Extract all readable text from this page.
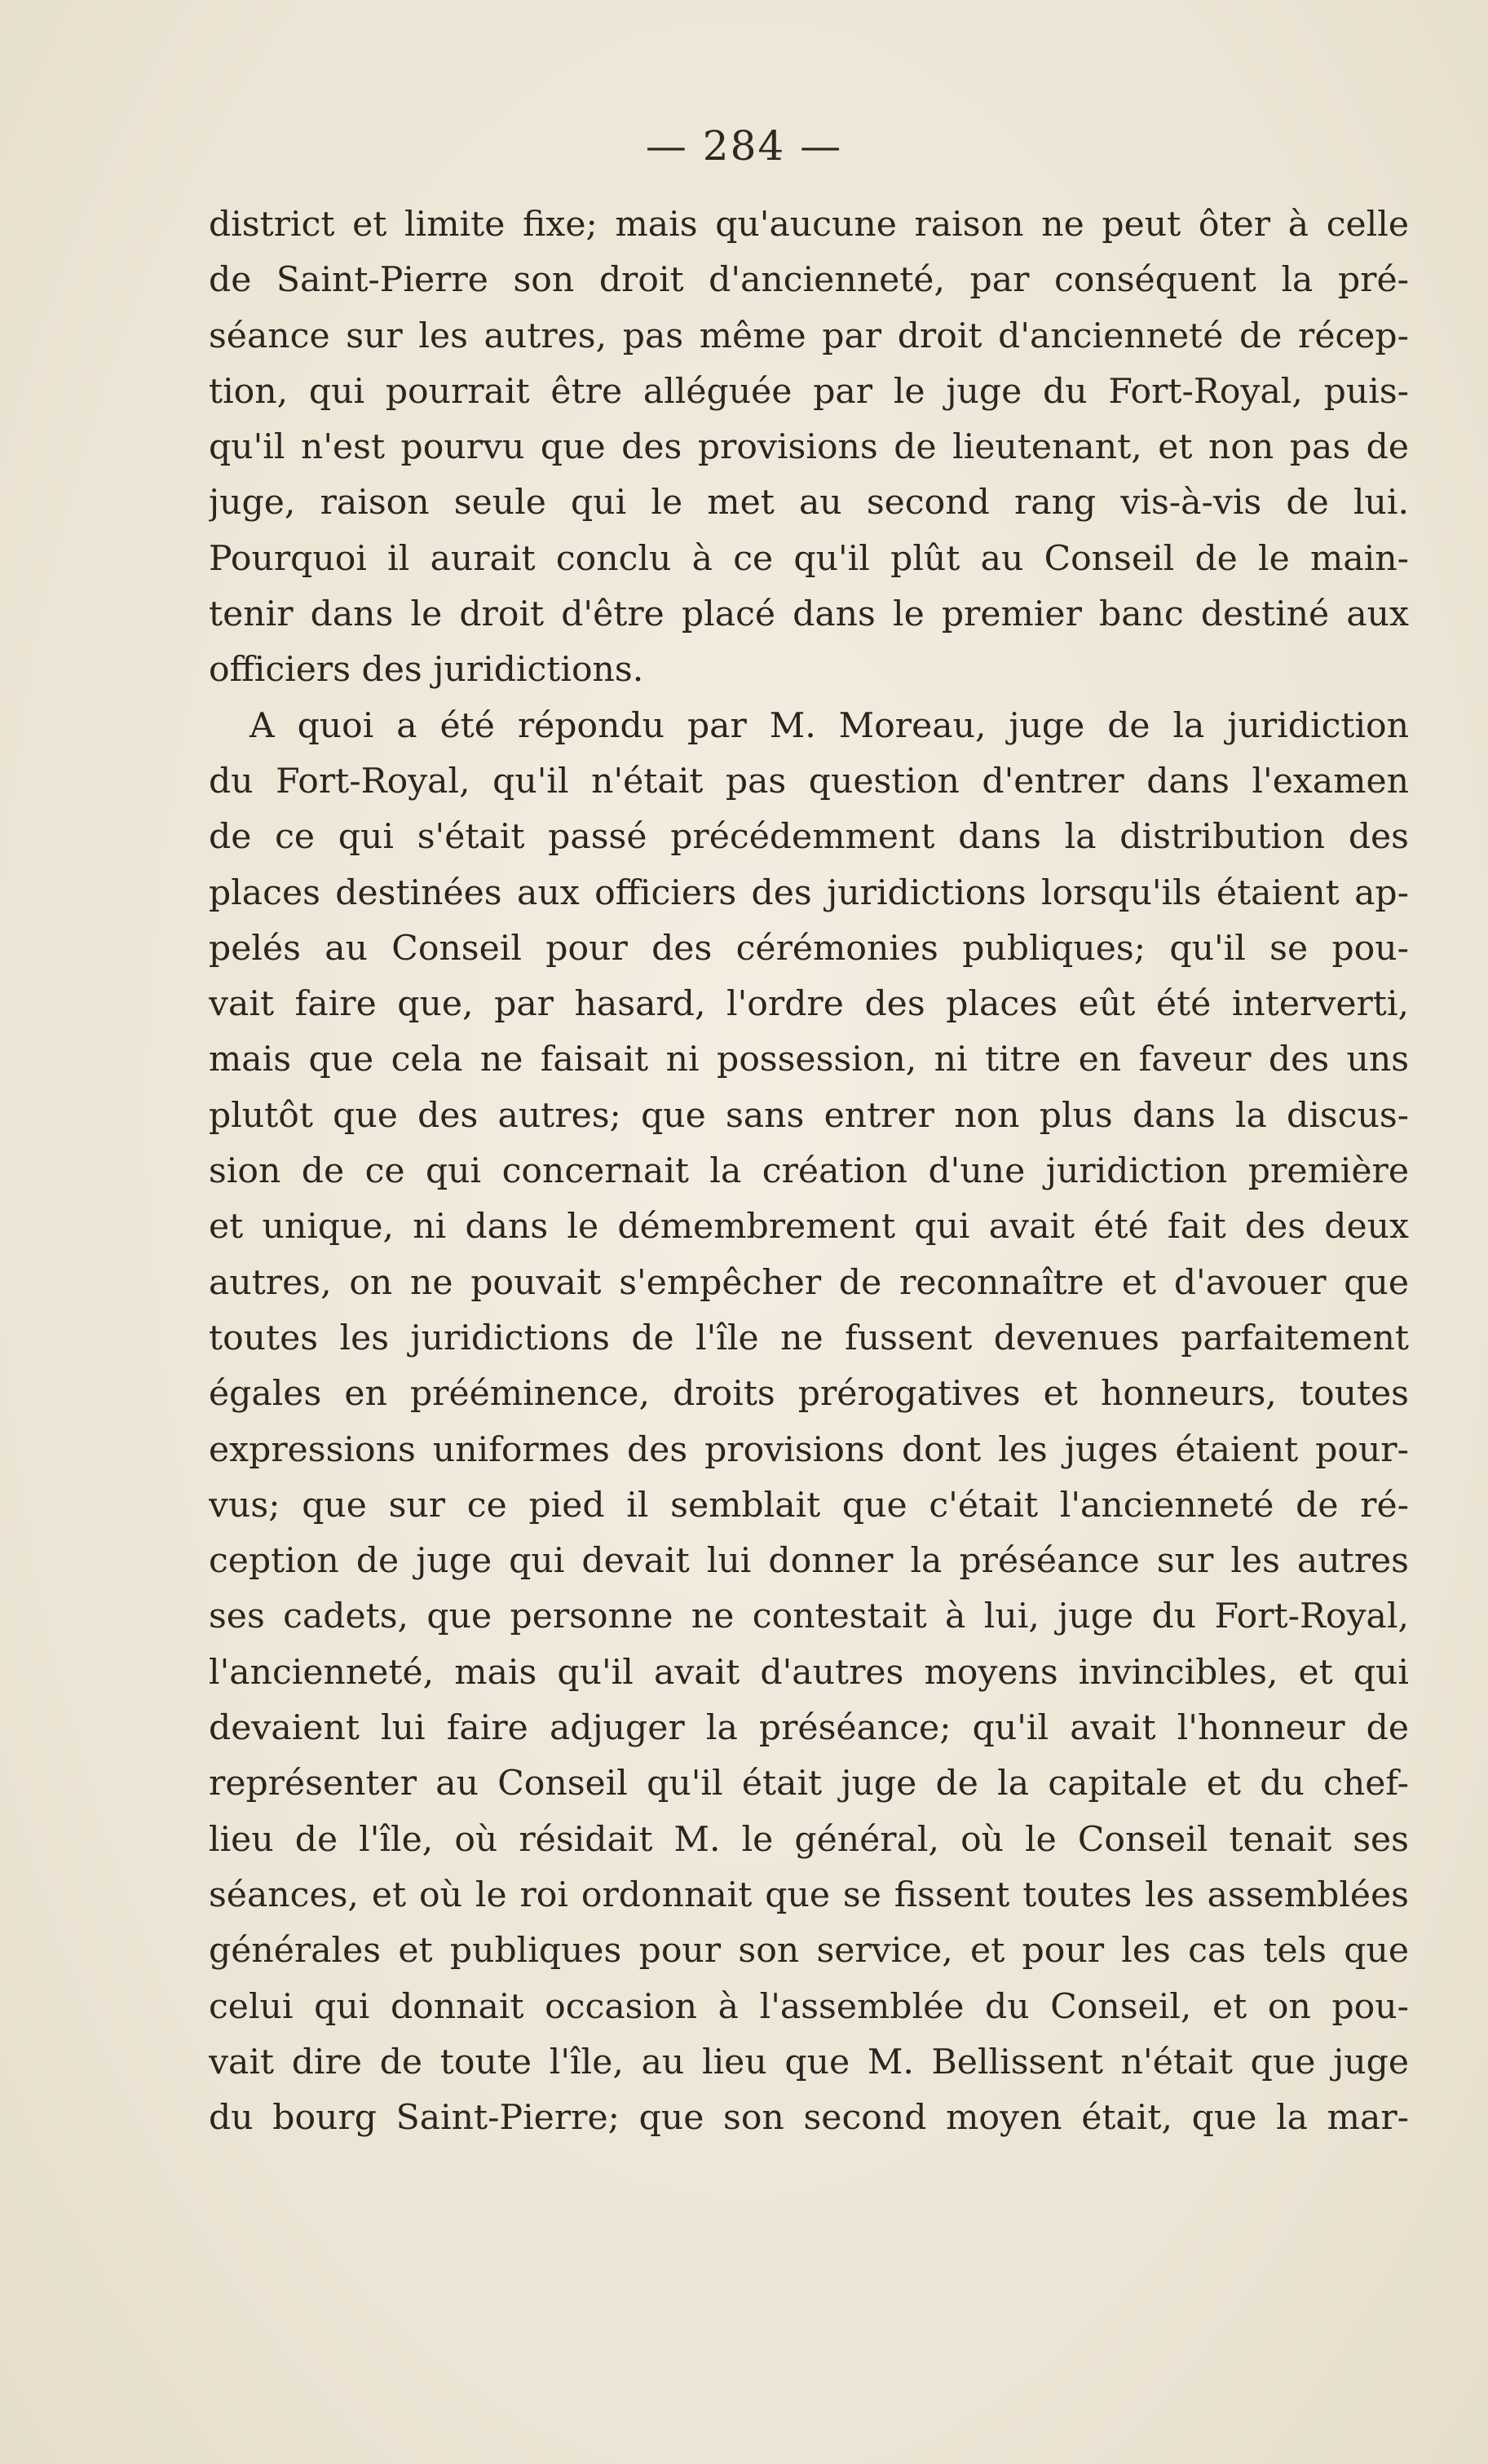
— 284 —
district et limite fixe; mais qu'aucune raison ne peut ôter à celle
de Saint-Pierre son droit d'ancienneté, par conséquent la pré-
séance sur les autres, pas même par droit d'ancienneté de récep-
tion, qui pourrait être alléguée par le juge du Fort-Royal, puis-
qu'il n'est pourvu que des provisions de lieutenant, et non pas de
juge, raison seule qui le met au second rang vis-à-vis de lui.
Pourquoi il aurait conclu à ce qu'il plût au Conseil de le main-
tenir dans le droit d'être placé dans le premier banc destiné aux
officiers des juridictions.
A quoi a été répondu par M. Moreau, juge de la juridiction
du Fort-Royal, qu'il n'était pas question d'entrer dans l'examen
de ce qui s'était passé précédemment dans la distribution des
places destinées aux officiers des juridictions lorsqu'ils étaient ap-
pelés au Conseil pour des cérémonies publiques; qu'il se pou-
vait faire que, par hasard, l'ordre des places eût été interverti,
mais que cela ne faisait ni possession, ni titre en faveur des uns
plutôt que des autres; que sans entrer non plus dans la discus-
sion de ce qui concernait la création d'une juridiction première
et unique, ni dans le démembrement qui avait été fait des deux
autres, on ne pouvait s'empêcher de reconnaître et d'avouer que
toutes les juridictions de l'île ne fussent devenues parfaitement
égales en prééminence, droits prérogatives et honneurs, toutes
expressions uniformes des provisions dont les juges étaient pour-
vus; que sur ce pied il semblait que c'était l'ancienneté de ré-
ception de juge qui devait lui donner la préséance sur les autres
ses cadets, que personne ne contestait à lui, juge du Fort-Royal,
l'ancienneté, mais qu'il avait d'autres moyens invincibles, et qui
devaient lui faire adjuger la préséance; qu'il avait l'honneur de
représenter au Conseil qu'il était juge de la capitale et du chef-
lieu de l'île, où résidait M. le général, où le Conseil tenait ses
séances, et où le roi ordonnait que se fissent toutes les assemblées
générales et publiques pour son service, et pour les cas tels que
celui qui donnait occasion à l'assemblée du Conseil, et on pou-
vait dire de toute l'île, au lieu que M. Bellissent n'était que juge
du bourg Saint-Pierre; que son second moyen était, que la mar-
